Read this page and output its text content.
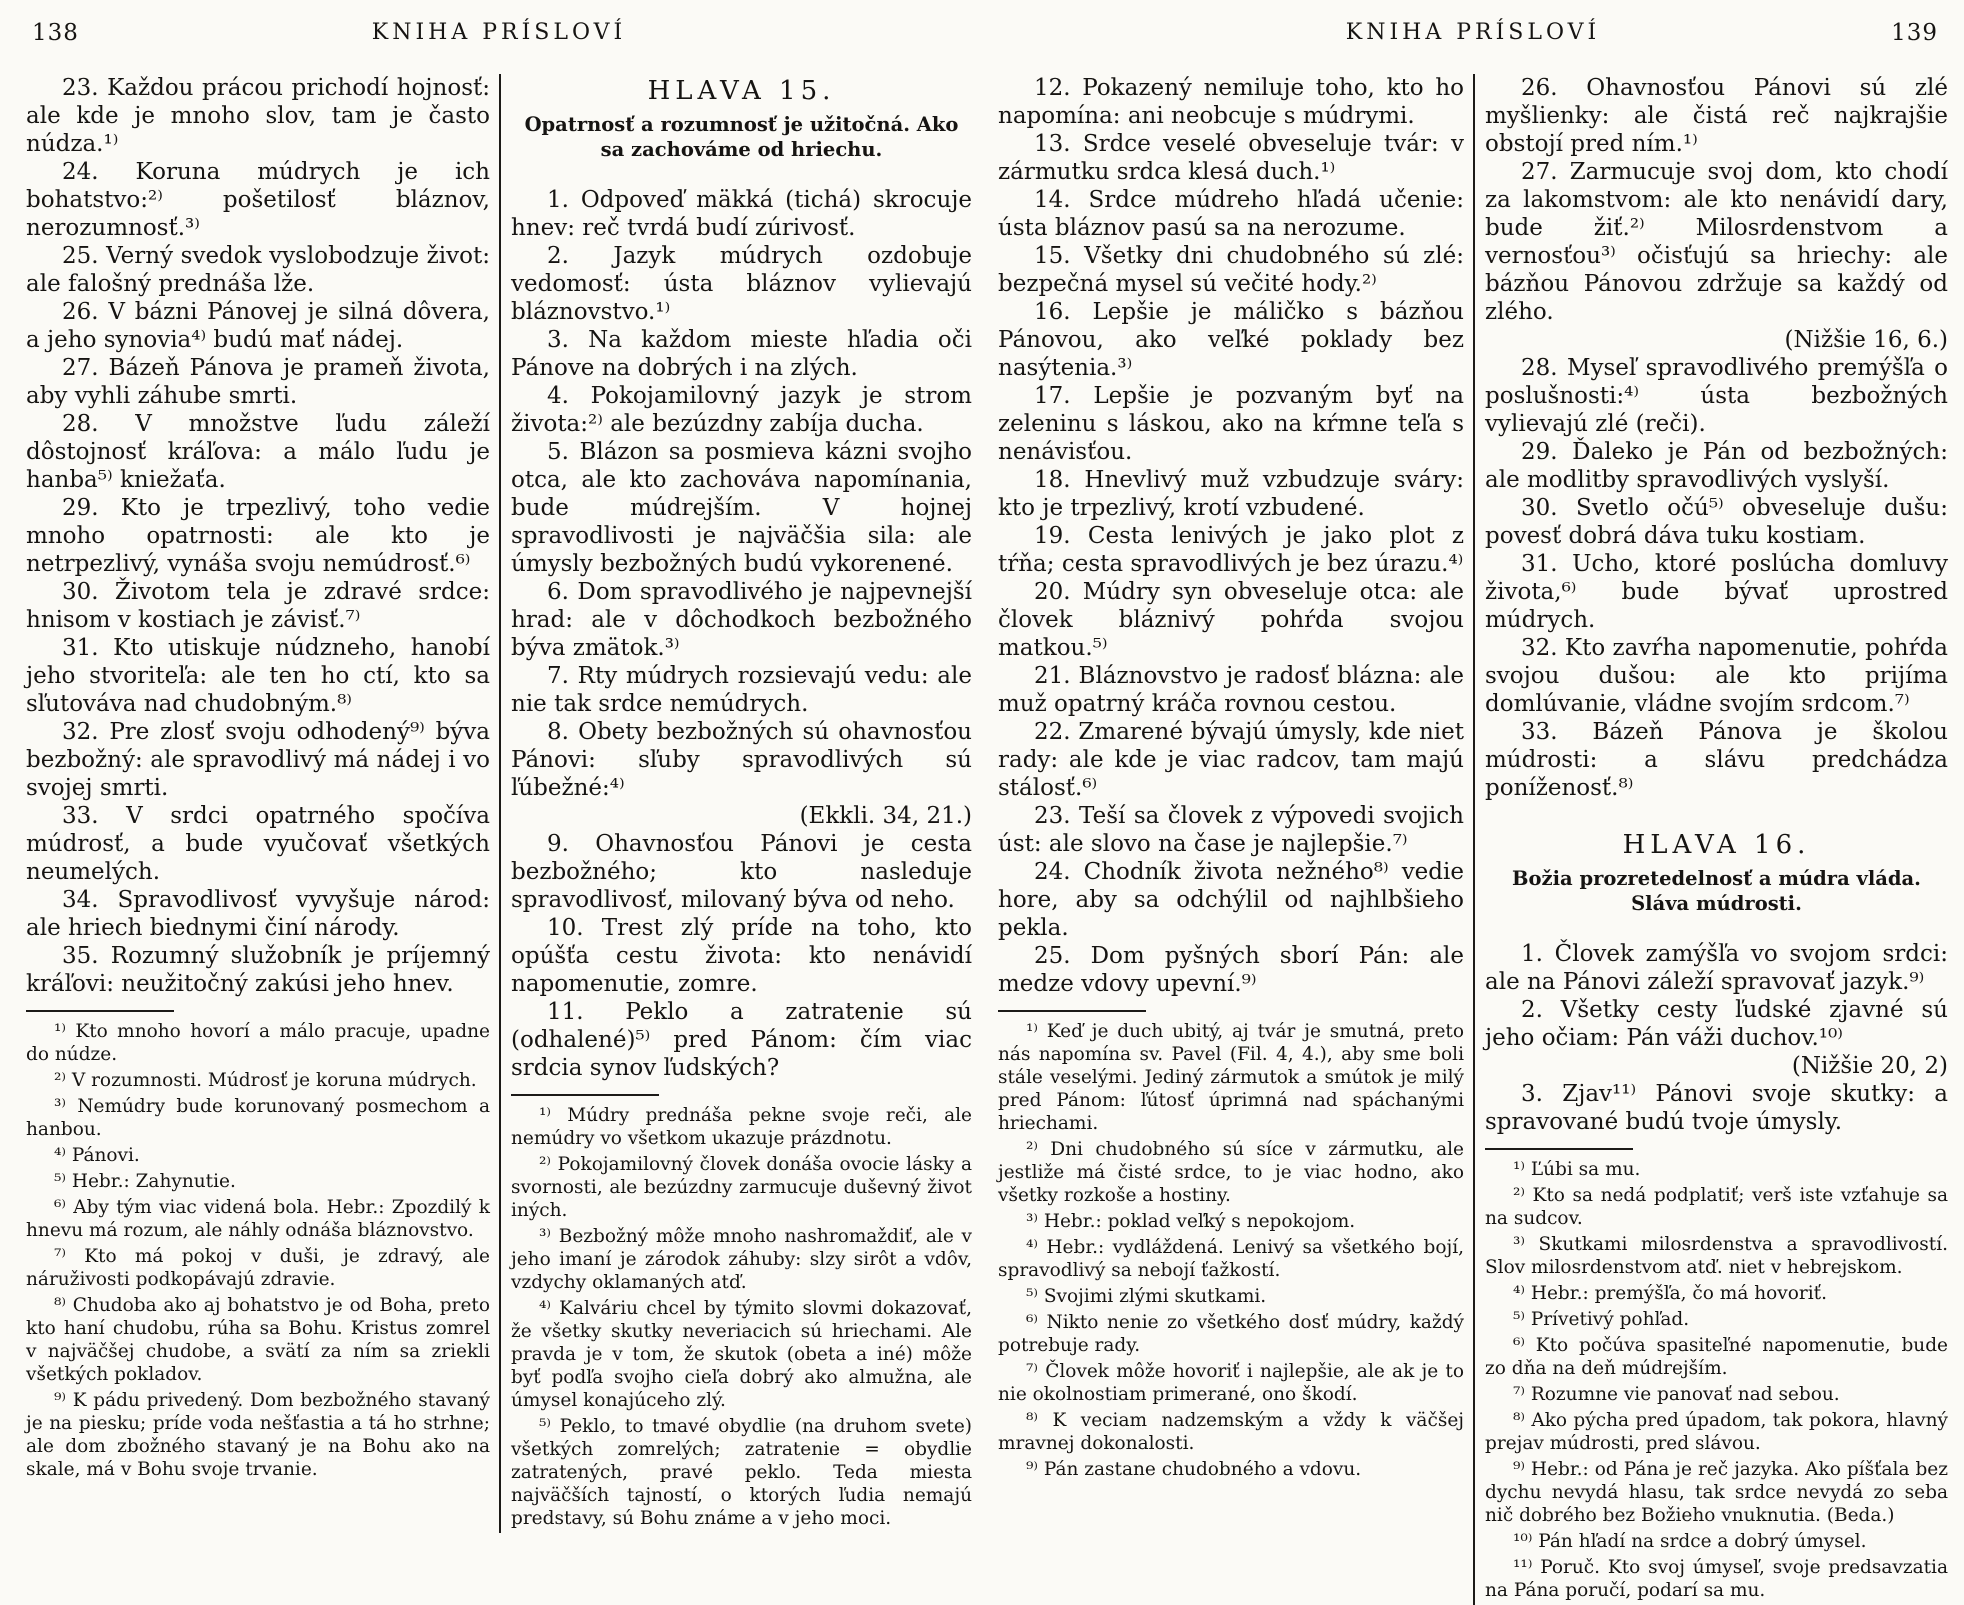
138	KNIHA PRÍSLOVÍ

23. Každou prácou prichodí hojnosť: ale kde je mnoho slov, tam je často núdza.¹⁾

24. Koruna múdrych je ich bohatstvo:²⁾ pošetilosť bláznov, nerozumnosť.³⁾

25. Verný svedok vyslobodzuje život: ale falošný prednáša lže.

26. V bázni Pánovej je silná dôvera, a jeho synovia⁴⁾ budú mať nádej.

27. Bázeň Pánova je prameň života, aby vyhli záhube smrti.

28. V množstve ľudu záleží dôstojnosť kráľova: a málo ľudu je hanba⁵⁾ kniežaťa.

29. Kto je trpezlivý, toho vedie mnoho opatrnosti: ale kto je netrpezlivý, vynáša svoju nemúdrosť.⁶⁾

30. Životom tela je zdravé srdce: hnisom v kostiach je závisť.⁷⁾

31. Kto utiskuje núdzneho, hanobí jeho stvoriteľa: ale ten ho ctí, kto sa sľutováva nad chudobným.⁸⁾

32. Pre zlosť svoju odhodený⁹⁾ býva bezbožný: ale spravodlivý má nádej i vo svojej smrti.

33. V srdci opatrného spočíva múdrosť, a bude vyučovať všetkých neumelých.

34. Spravodlivosť vyvyšuje národ: ale hriech biednymi činí národy.

35. Rozumný služobník je príjemný kráľovi: neužitočný zakúsi jeho hnev.

¹⁾ Kto mnoho hovorí a málo pracuje, upadne do núdze.

²⁾ V rozumnosti. Múdrosť je koruna múdrych.

³⁾ Nemúdry bude korunovaný posmechom a hanbou.

⁴⁾ Pánovi.

⁵⁾ Hebr.: Zahynutie.

⁶⁾ Aby tým viac videná bola. Hebr.: Zpozdilý k hnevu má rozum, ale náhly odnáša bláznovstvo.

⁷⁾ Kto má pokoj v duši, je zdravý, ale náruživosti podkopávajú zdravie.

⁸⁾ Chudoba ako aj bohatstvo je od Boha, preto kto haní chudobu, rúha sa Bohu. Kristus zomrel v najväčšej chudobe, a svätí za ním sa zriekli všetkých pokladov.

⁹⁾ K pádu privedený. Dom bezbožného stavaný je na piesku; príde voda nešťastia a tá ho strhne; ale dom zbožného stavaný je na Bohu ako na skale, má v Bohu svoje trvanie.

HLAVA 15.

Opatrnosť a rozumnosť je užitočná. Ako sa zachováme od hriechu.

1. Odpoveď mäkká (tichá) skrocuje hnev: reč tvrdá budí zúrivosť.

2. Jazyk múdrych ozdobuje vedomosť: ústa bláznov vylievajú bláznovstvo.¹⁾

3. Na každom mieste hľadia oči Pánove na dobrých i na zlých.

4. Pokojamilovný jazyk je strom života:²⁾ ale bezúzdny zabíja ducha.

5. Blázon sa posmieva kázni svojho otca, ale kto zachováva napomínania, bude múdrejším. V hojnej spravodlivosti je najväčšia sila: ale úmysly bezbožných budú vykorenené.

6. Dom spravodlivého je najpevnejší hrad: ale v dôchodkoch bezbožného býva zmätok.³⁾

7. Rty múdrych rozsievajú vedu: ale nie tak srdce nemúdrych.

8. Obety bezbožných sú ohavnosťou Pánovi: sľuby spravodlivých sú ľúbežné:⁴⁾

(Ekkli. 34, 21.)

9. Ohavnosťou Pánovi je cesta bezbožného; kto nasleduje spravodlivosť, milovaný býva od neho.

10. Trest zlý príde na toho, kto opúšťa cestu života: kto nenávidí napomenutie, zomre.

11. Peklo a zatratenie sú (odhalené)⁵⁾ pred Pánom: čím viac srdcia synov ľudských?

¹⁾ Múdry prednáša pekne svoje reči, ale nemúdry vo všetkom ukazuje prázdnotu.

²⁾ Pokojamilovný človek donáša ovocie lásky a svornosti, ale bezúzdny zarmucuje duševný život iných.

³⁾ Bezbožný môže mnoho nashromaždiť, ale v jeho imaní je zárodok záhuby: slzy sirôt a vdôv, vzdychy oklamaných atď.

⁴⁾ Kalváriu chcel by týmito slovmi dokazovať, že všetky skutky neveriacich sú hriechami. Ale pravda je v tom, že skutok (obeta a iné) môže byť podľa svojho cieľa dobrý ako almužna, ale úmysel konajúceho zlý.

⁵⁾ Peklo, to tmavé obydlie (na druhom svete) všetkých zomrelých; zatratenie = obydlie zatratených, pravé peklo. Teda miesta najväčších tajností, o ktorých ľudia nemajú predstavy, sú Bohu známe a v jeho moci.

139
KNIHA PRÍSLOVÍ

12. Pokazený nemiluje toho, kto ho napomína: ani neobcuje s múdrymi.

13. Srdce veselé obveseluje tvár: v zármutku srdca klesá duch.¹⁾

14. Srdce múdreho hľadá učenie: ústa bláznov pasú sa na nerozume.

15. Všetky dni chudobného sú zlé: bezpečná mysel sú večité hody.²⁾

16. Lepšie je máličko s bázňou Pánovou, ako veľké poklady bez nasýtenia.³⁾

17. Lepšie je pozvaným byť na zeleninu s láskou, ako na kŕmne teľa s nenávisťou.

18. Hnevlivý muž vzbudzuje sváry: kto je trpezlivý, krotí vzbudené.

19. Cesta lenivých je jako plot z tŕňa; cesta spravodlivých je bez úrazu.⁴⁾

20. Múdry syn obveseluje otca: ale človek bláznivý pohŕda svojou matkou.⁵⁾

21. Bláznovstvo je radosť blázna: ale muž opatrný kráča rovnou cestou.

22. Zmarené bývajú úmysly, kde niet rady: ale kde je viac radcov, tam majú stálosť.⁶⁾

23. Teší sa človek z výpovedi svojich úst: ale slovo na čase je najlepšie.⁷⁾

24. Chodník života nežného⁸⁾ vedie hore, aby sa odchýlil od najhlbšieho pekla.

25. Dom pyšných sborí Pán: ale medze vdovy upevní.⁹⁾

¹⁾ Keď je duch ubitý, aj tvár je smutná, preto nás napomína sv. Pavel (Fil. 4, 4.), aby sme boli stále veselými. Jediný zármutok a smútok je milý pred Pánom: ľútosť úprimná nad spáchanými hriechami.

²⁾ Dni chudobného sú síce v zármutku, ale jestliže má čisté srdce, to je viac hodno, ako všetky rozkoše a hostiny.

³⁾ Hebr.: poklad veľký s nepokojom.

⁴⁾ Hebr.: vydláždená. Lenivý sa všetkého bojí, spravodlivý sa nebojí ťažkostí.

⁵⁾ Svojimi zlými skutkami.

⁶⁾ Nikto nenie zo všetkého dosť múdry, každý potrebuje rady.

⁷⁾ Človek môže hovoriť i najlepšie, ale ak je to nie okolnostiam primerané, ono škodí.

⁸⁾ K veciam nadzemským a vždy k väčšej mravnej dokonalosti.

⁹⁾ Pán zastane chudobného a vdovu.

26. Ohavnosťou Pánovi sú zlé myšlienky: ale čistá reč najkrajšie obstojí pred ním.¹⁾

27. Zarmucuje svoj dom, kto chodí za lakomstvom: ale kto nenávidí dary, bude žiť.²⁾ Milosrdenstvom a vernosťou³⁾ očisťujú sa hriechy: ale bázňou Pánovou zdržuje sa každý od zlého.

(Nižšie 16, 6.)

28. Myseľ spravodlivého premýšľa o poslušnosti:⁴⁾ ústa bezbožných vylievajú zlé (reči).

29. Ďaleko je Pán od bezbožných: ale modlitby spravodlivých vyslyší.

30. Svetlo očú⁵⁾ obveseluje dušu: povesť dobrá dáva tuku kostiam.

31. Ucho, ktoré poslúcha domluvy života,⁶⁾ bude bývať uprostred múdrych.

32. Kto zavŕha napomenutie, pohŕda svojou dušou: ale kto prijíma domlúvanie, vládne svojím srdcom.⁷⁾

33. Bázeň Pánova je školou múdrosti: a slávu predchádza poníženosť.⁸⁾

HLAVA 16.

Božia prozretedelnosť a múdra vláda. Sláva múdrosti.

1. Človek zamýšľa vo svojom srdci: ale na Pánovi záleží spravovať jazyk.⁹⁾

2. Všetky cesty ľudské zjavné sú jeho očiam: Pán váži duchov.¹⁰⁾

(Nižšie 20, 2)

3. Zjav¹¹⁾ Pánovi svoje skutky: a spravované budú tvoje úmysly.

¹⁾ Ľúbi sa mu.

²⁾ Kto sa nedá podplatiť; verš iste vzťahuje sa na sudcov.

³⁾ Skutkami milosrdenstva a spravodlivostí. Slov milosrdenstvom atď. niet v hebrejskom.

⁴⁾ Hebr.: premýšľa, čo má hovoriť.

⁵⁾ Prívetivý pohľad.

⁶⁾ Kto počúva spasiteľné napomenutie, bude zo dňa na deň múdrejším.

⁷⁾ Rozumne vie panovať nad sebou.

⁸⁾ Ako pýcha pred úpadom, tak pokora, hlavný prejav múdrosti, pred slávou.

⁹⁾ Hebr.: od Pána je reč jazyka. Ako píšťala bez dychu nevydá hlasu, tak srdce nevydá zo seba nič dobrého bez Božieho vnuknutia. (Beda.)

¹⁰⁾ Pán hľadí na srdce a dobrý úmysel.

¹¹⁾ Poruč. Kto svoj úmyseľ, svoje predsavzatia na Pána poručí, podarí sa mu.
